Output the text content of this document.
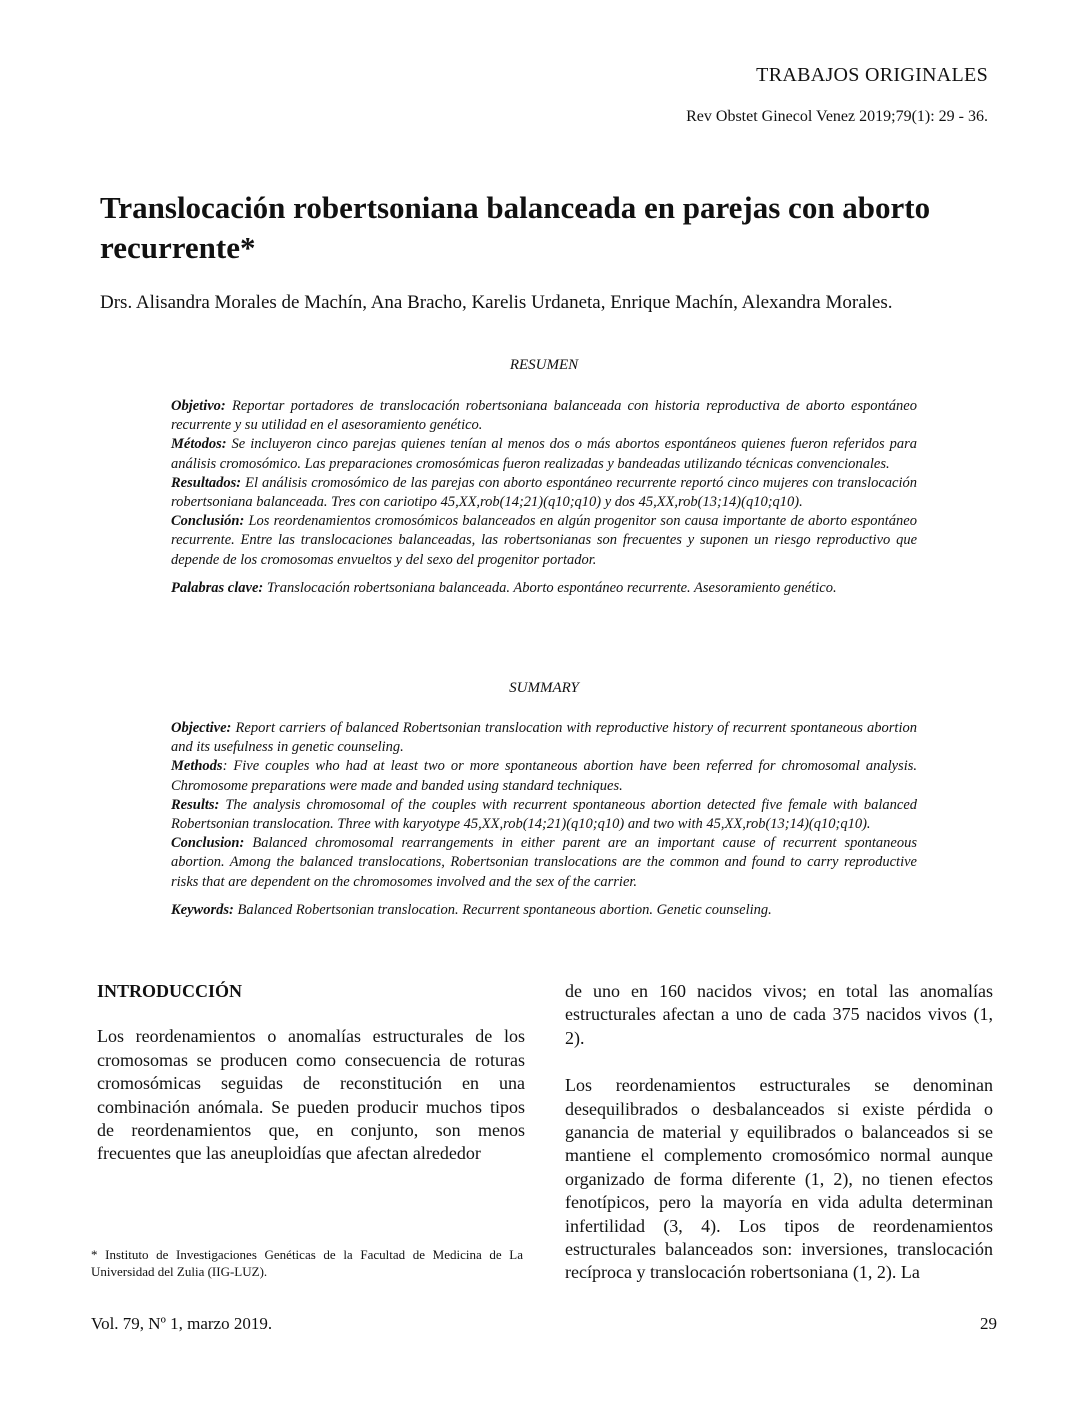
TRABAJOS ORIGINALES
Rev Obstet Ginecol Venez 2019;79(1): 29 - 36.
Translocación robertsoniana balanceada en parejas con aborto recurrente*
Drs. Alisandra Morales de Machín, Ana Bracho, Karelis Urdaneta, Enrique Machín, Alexandra Morales.
RESUMEN

Objetivo: Reportar portadores de translocación robertsoniana balanceada con historia reproductiva de aborto espontáneo recurrente y su utilidad en el asesoramiento genético.

Métodos: Se incluyeron cinco parejas quienes tenían al menos dos o más abortos espontáneos quienes fueron referidos para análisis cromosómico. Las preparaciones cromosómicas fueron realizadas y bandeadas utilizando técnicas convencionales.

Resultados: El análisis cromosómico de las parejas con aborto espontáneo recurrente reportó cinco mujeres con translocación robertsoniana balanceada. Tres con cariotipo 45,XX,rob(14;21)(q10;q10) y dos 45,XX,rob(13;14)(q10;q10).

Conclusión: Los reordenamientos cromosómicos balanceados en algún progenitor son causa importante de aborto espontáneo recurrente. Entre las translocaciones balanceadas, las robertsonianas son frecuentes y suponen un riesgo reproductivo que depende de los cromosomas envueltos y del sexo del progenitor portador.

Palabras clave: Translocación robertsoniana balanceada. Aborto espontáneo recurrente. Asesoramiento genético.

SUMMARY

Objective: Report carriers of balanced Robertsonian translocation with reproductive history of recurrent spontaneous abortion and its usefulness in genetic counseling.

Methods: Five couples who had at least two or more spontaneous abortion have been referred for chromosomal analysis. Chromosome preparations were made and banded using standard techniques.

Results: The analysis chromosomal of the couples with recurrent spontaneous abortion detected five female with balanced Robertsonian translocation. Three with karyotype 45,XX,rob(14;21)(q10;q10) and two with 45,XX,rob(13;14)(q10;q10).

Conclusion: Balanced chromosomal rearrangements in either parent are an important cause of recurrent spontaneous abortion. Among the balanced translocations, Robertsonian translocations are the common and found to carry reproductive risks that are dependent on the chromosomes involved and the sex of the carrier.

Keywords: Balanced Robertsonian translocation. Recurrent spontaneous abortion. Genetic counseling.

INTRODUCCIÓN

Los reordenamientos o anomalías estructurales de los cromosomas se producen como consecuencia de roturas cromosómicas seguidas de reconstitución en una combinación anómala. Se pueden producir muchos tipos de reordenamientos que, en conjunto, son menos frecuentes que las aneuploidías que afectan alrededor

de uno en 160 nacidos vivos; en total las anomalías estructurales afectan a uno de cada 375 nacidos vivos (1, 2).

Los reordenamientos estructurales se denominan desequilibrados o desbalanceados si existe pérdida o ganancia de material y equilibrados o balanceados si se mantiene el complemento cromosómico normal aunque organizado de forma diferente (1, 2), no tienen efectos fenotípicos, pero la mayoría en vida adulta determinan infertilidad (3, 4). Los tipos de reordenamientos estructurales balanceados son: inversiones, translocación recíproca y translocación robertsoniana (1, 2). La

* Instituto de Investigaciones Genéticas de la Facultad de Medicina de La Universidad del Zulia (IIG-LUZ).
Vol. 79, Nº 1, marzo 2019.	29
